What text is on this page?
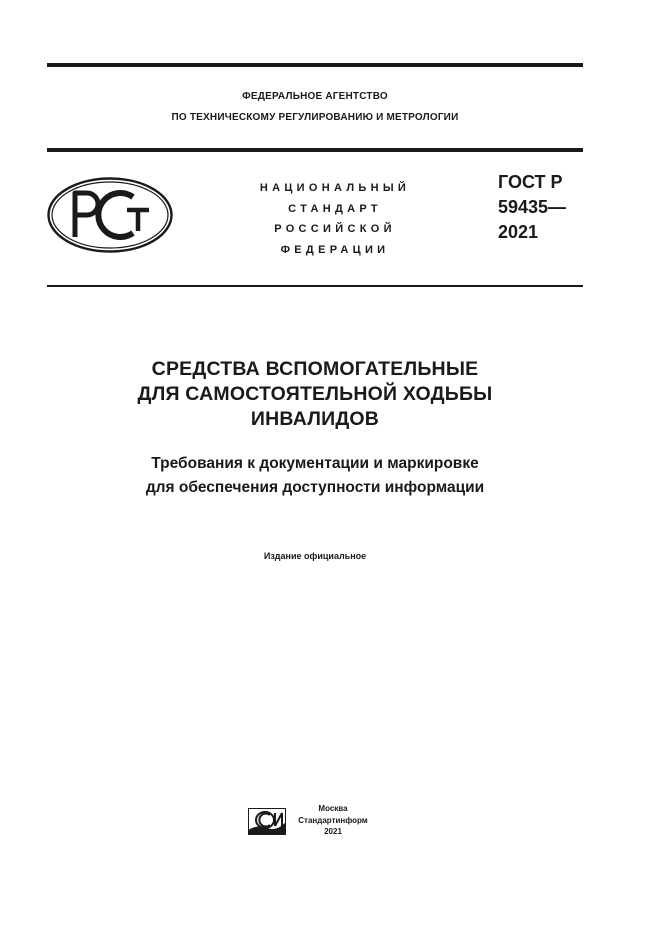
ФЕДЕРАЛЬНОЕ АГЕНТСТВО
ПО ТЕХНИЧЕСКОМУ РЕГУЛИРОВАНИЮ И МЕТРОЛОГИИ
НАЦИОНАЛЬНЫЙ
СТАНДАРТ
РОССИЙСКОЙ
ФЕДЕРАЦИИ
ГОСТ Р
59435—
2021
СРЕДСТВА ВСПОМОГАТЕЛЬНЫЕ
ДЛЯ САМОСТОЯТЕЛЬНОЙ ХОДЬБЫ
ИНВАЛИДОВ
Требования к документации и маркировке
для обеспечения доступности информации
Издание официальное
Москва
Стандартинформ
2021
